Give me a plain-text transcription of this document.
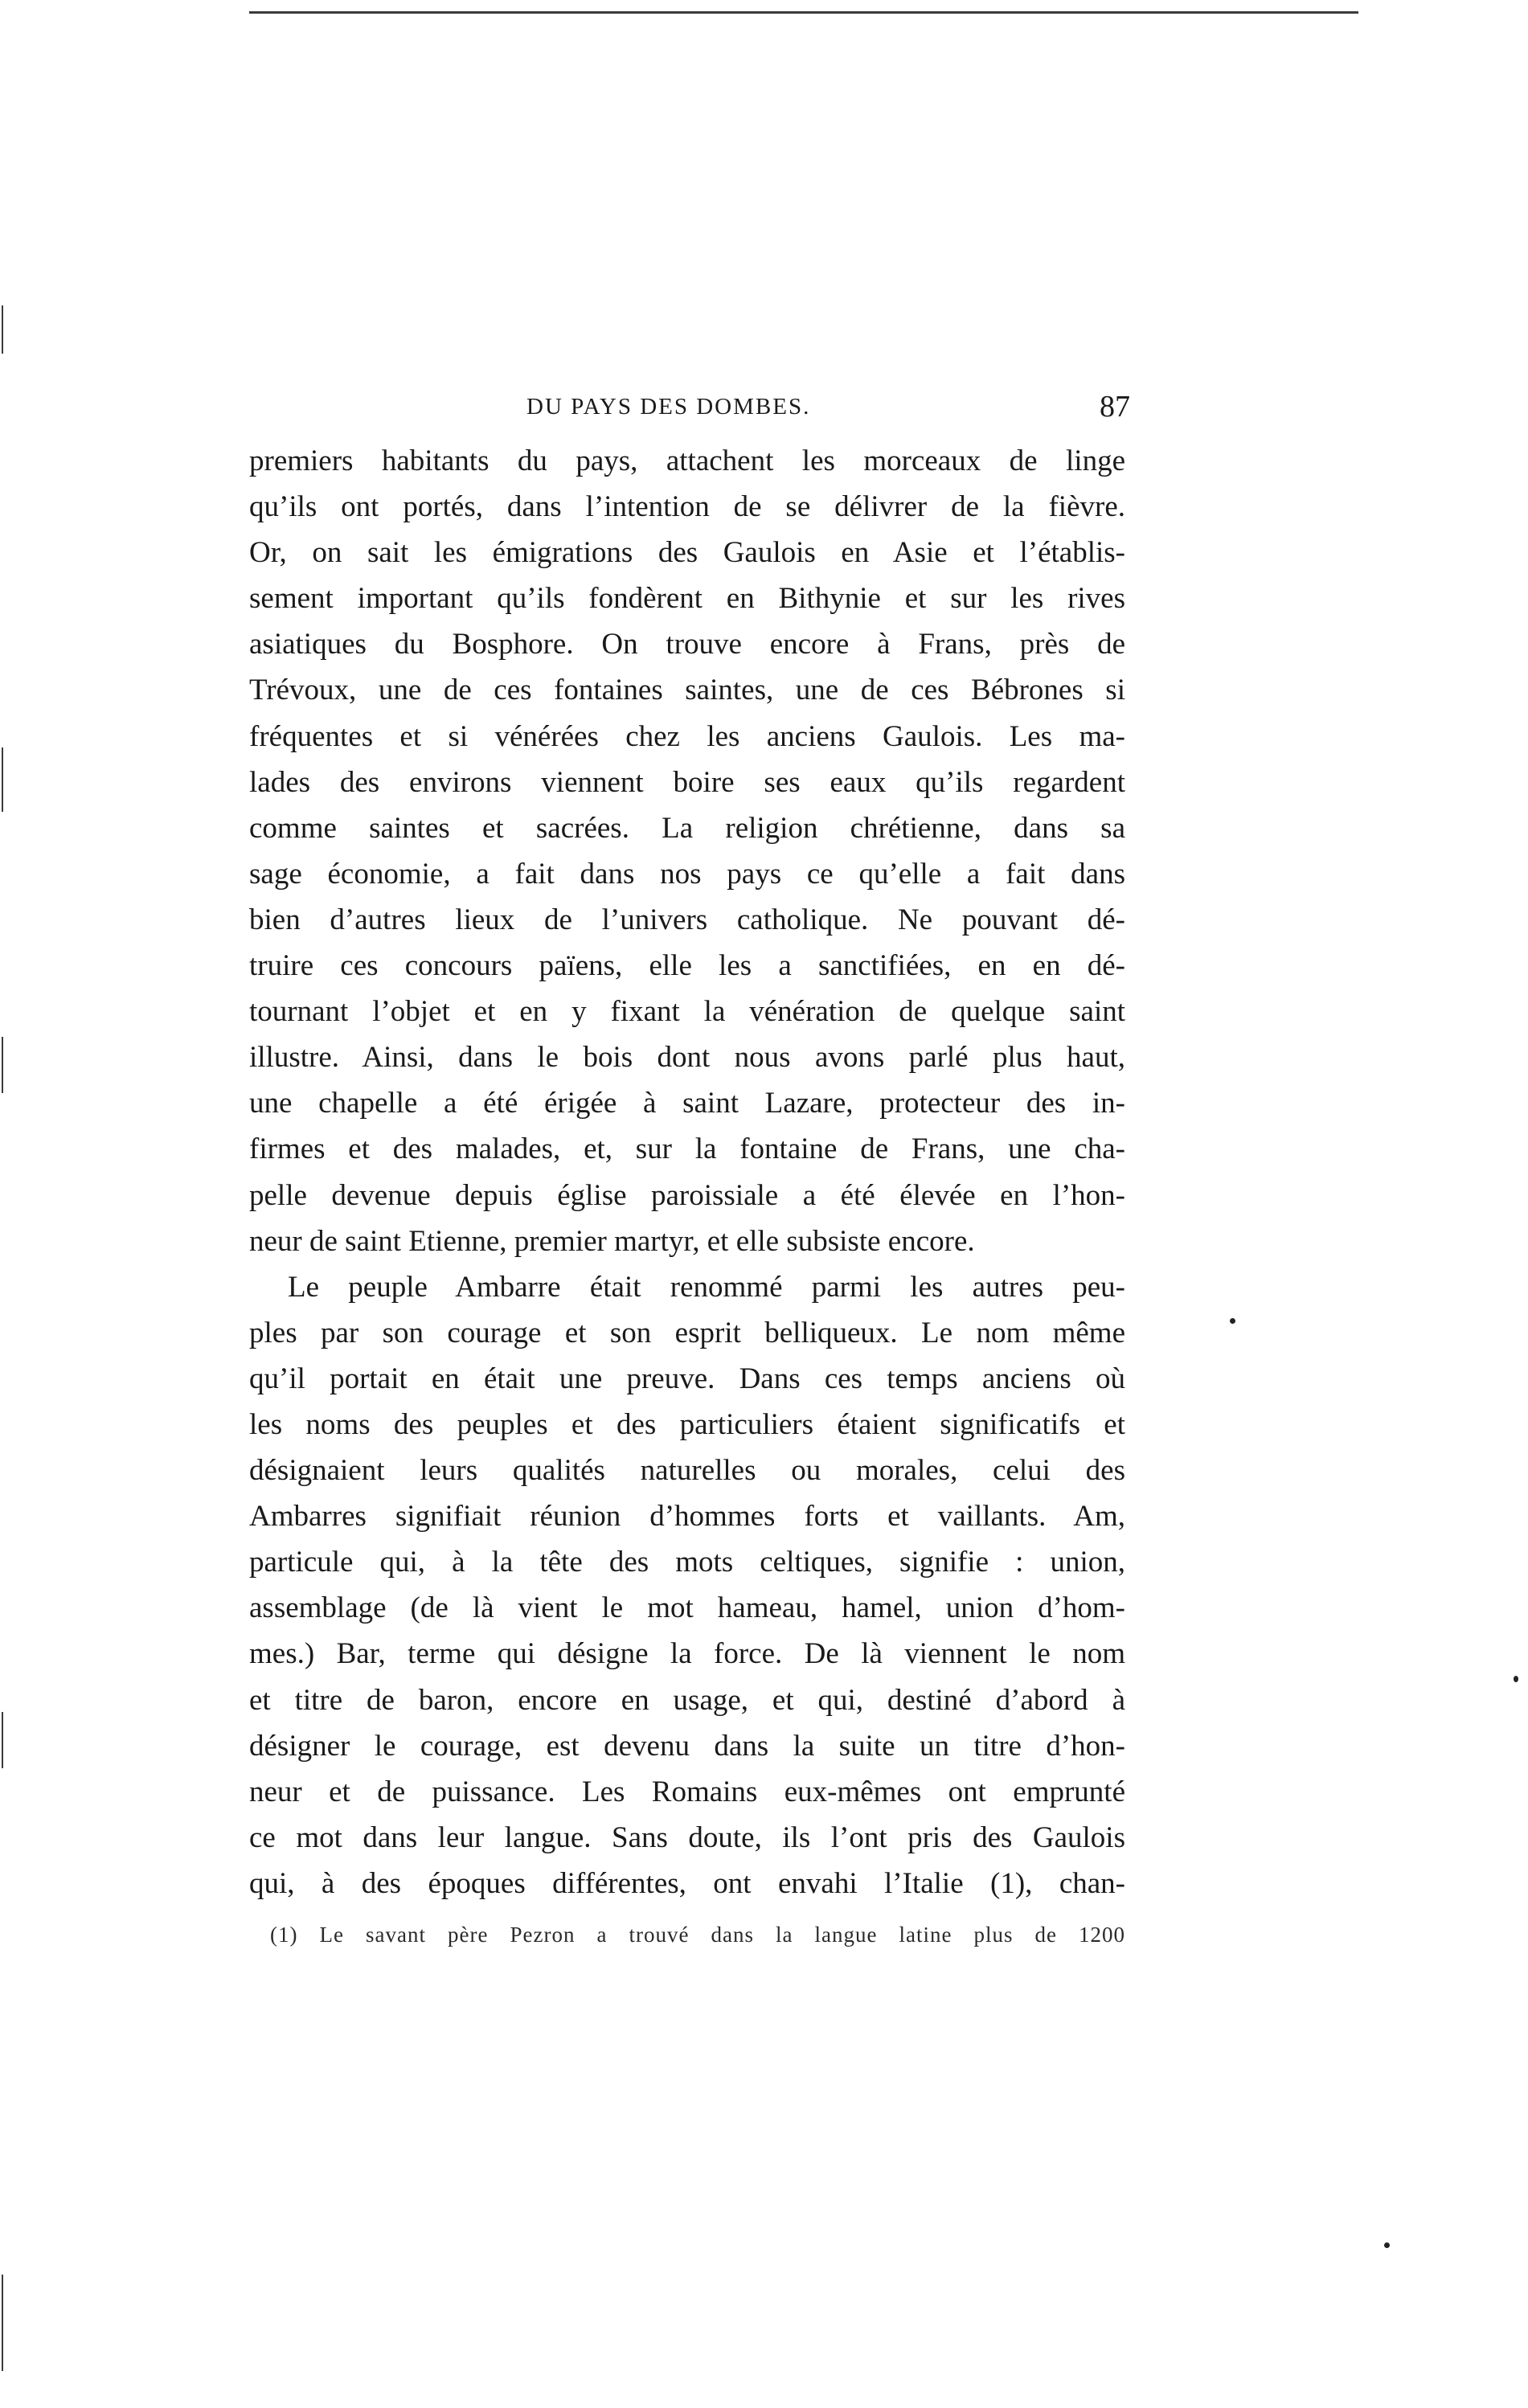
DU PAYS DES DOMBES.	87
premiers habitants du pays, attachent les morceaux de linge
qu’ils ont portés, dans l’intention de se délivrer de la fièvre.
Or, on sait les émigrations des Gaulois en Asie et l’établis-
sement important qu’ils fondèrent en Bithynie et sur les rives
asiatiques du Bosphore. On trouve encore à Frans, près de
Trévoux, une de ces fontaines saintes, une de ces Bébrones si
fréquentes et si vénérées chez les anciens Gaulois. Les ma-
lades des environs viennent boire ses eaux qu’ils regardent
comme saintes et sacrées. La religion chrétienne, dans sa
sage économie, a fait dans nos pays ce qu’elle a fait dans
bien d’autres lieux de l’univers catholique. Ne pouvant dé-
truire ces concours païens, elle les a sanctifiées, en en dé-
tournant l’objet et en y fixant la vénération de quelque saint
illustre. Ainsi, dans le bois dont nous avons parlé plus haut,
une chapelle a été érigée à saint Lazare, protecteur des in-
firmes et des malades, et, sur la fontaine de Frans, une cha-
pelle devenue depuis église paroissiale a été élevée en l’hon-
neur de saint Etienne, premier martyr, et elle subsiste encore.
Le peuple Ambarre était renommé parmi les autres peu-
ples par son courage et son esprit belliqueux. Le nom même
qu’il portait en était une preuve. Dans ces temps anciens où
les noms des peuples et des particuliers étaient significatifs et
désignaient leurs qualités naturelles ou morales, celui des
Ambarres signifiait réunion d’hommes forts et vaillants. Am,
particule qui, à la tête des mots celtiques, signifie : union,
assemblage (de là vient le mot hameau, hamel, union d’hom-
mes.) Bar, terme qui désigne la force. De là viennent le nom
et titre de baron, encore en usage, et qui, destiné d’abord à
désigner le courage, est devenu dans la suite un titre d’hon-
neur et de puissance. Les Romains eux-mêmes ont emprunté
ce mot dans leur langue. Sans doute, ils l’ont pris des Gaulois
qui, à des époques différentes, ont envahi l’Italie (1), chan-
(1) Le savant père Pezron a trouvé dans la langue latine plus de 1200
